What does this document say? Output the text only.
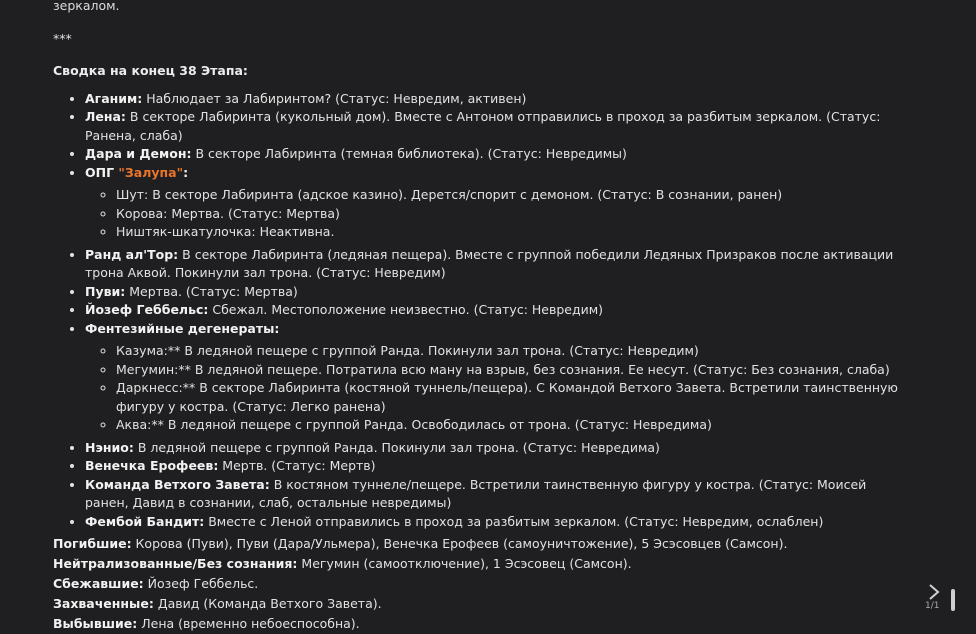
зеркалом.
***
Сводка на конец 38 Этапа:
• Аганим: Наблюдает за Лабиринтом? (Статус: Невредим, активен)
• Лена: В секторе Лабиринта (кукольный дом). Вместе с Антоном отправились в проход за разбитым зеркалом. (Статус: Ранена, слаба)
• Дара и Демон: В секторе Лабиринта (темная библиотека). (Статус: Невредимы)
• ОПГ "Залупа":
◦ Шут: В секторе Лабиринта (адское казино). Дерется/спорит с демоном. (Статус: В сознании, ранен)
◦ Корова: Мертва. (Статус: Мертва)
◦ Ништяк-шкатулочка: Неактивна.
• Ранд ал'Тор: В секторе Лабиринта (ледяная пещера). Вместе с группой победили Ледяных Призраков после активации трона Аквой. Покинули зал трона. (Статус: Невредим)
• Пуви: Мертва. (Статус: Мертва)
• Йозеф Геббельс: Сбежал. Местоположение неизвестно. (Статус: Невредим)
• Фентезийные дегенераты:
◦ Казума:** В ледяной пещере с группой Ранда. Покинули зал трона. (Статус: Невредим)
◦ Мегумин:** В ледяной пещере. Потратила всю ману на взрыв, без сознания. Ее несут. (Статус: Без сознания, слаба)
◦ Даркнесс:** В секторе Лабиринта (костяной туннель/пещера). С Командой Ветхого Завета. Встретили таинственную фигуру у костра. (Статус: Легко ранена)
◦ Аква:** В ледяной пещере с группой Ранда. Освободилась от трона. (Статус: Невредима)
• Нэнио: В ледяной пещере с группой Ранда. Покинули зал трона. (Статус: Невредима)
• Венечка Ерофеев: Мертв. (Статус: Мертв)
• Команда Ветхого Завета: В костяном туннеле/пещере. Встретили таинственную фигуру у костра. (Статус: Моисей ранен, Давид в сознании, слаб, остальные невредимы)
• Фембой Бандит: Вместе с Леной отправились в проход за разбитым зеркалом. (Статус: Невредим, ослаблен)
Погибшие: Корова (Пуви), Пуви (Дара/Ульмера), Венечка Ерофеев (самоуничтожение), 5 Эсэсовцев (Самсон).
Нейтрализованные/Без сознания: Мегумин (самоотключение), 1 Эсэсовец (Самсон).
Сбежавшие: Йозеф Геббельс.
Захваченные: Давид (Команда Ветхого Завета).
Выбывшие: Лена (временно небоеспособна).
1/1
